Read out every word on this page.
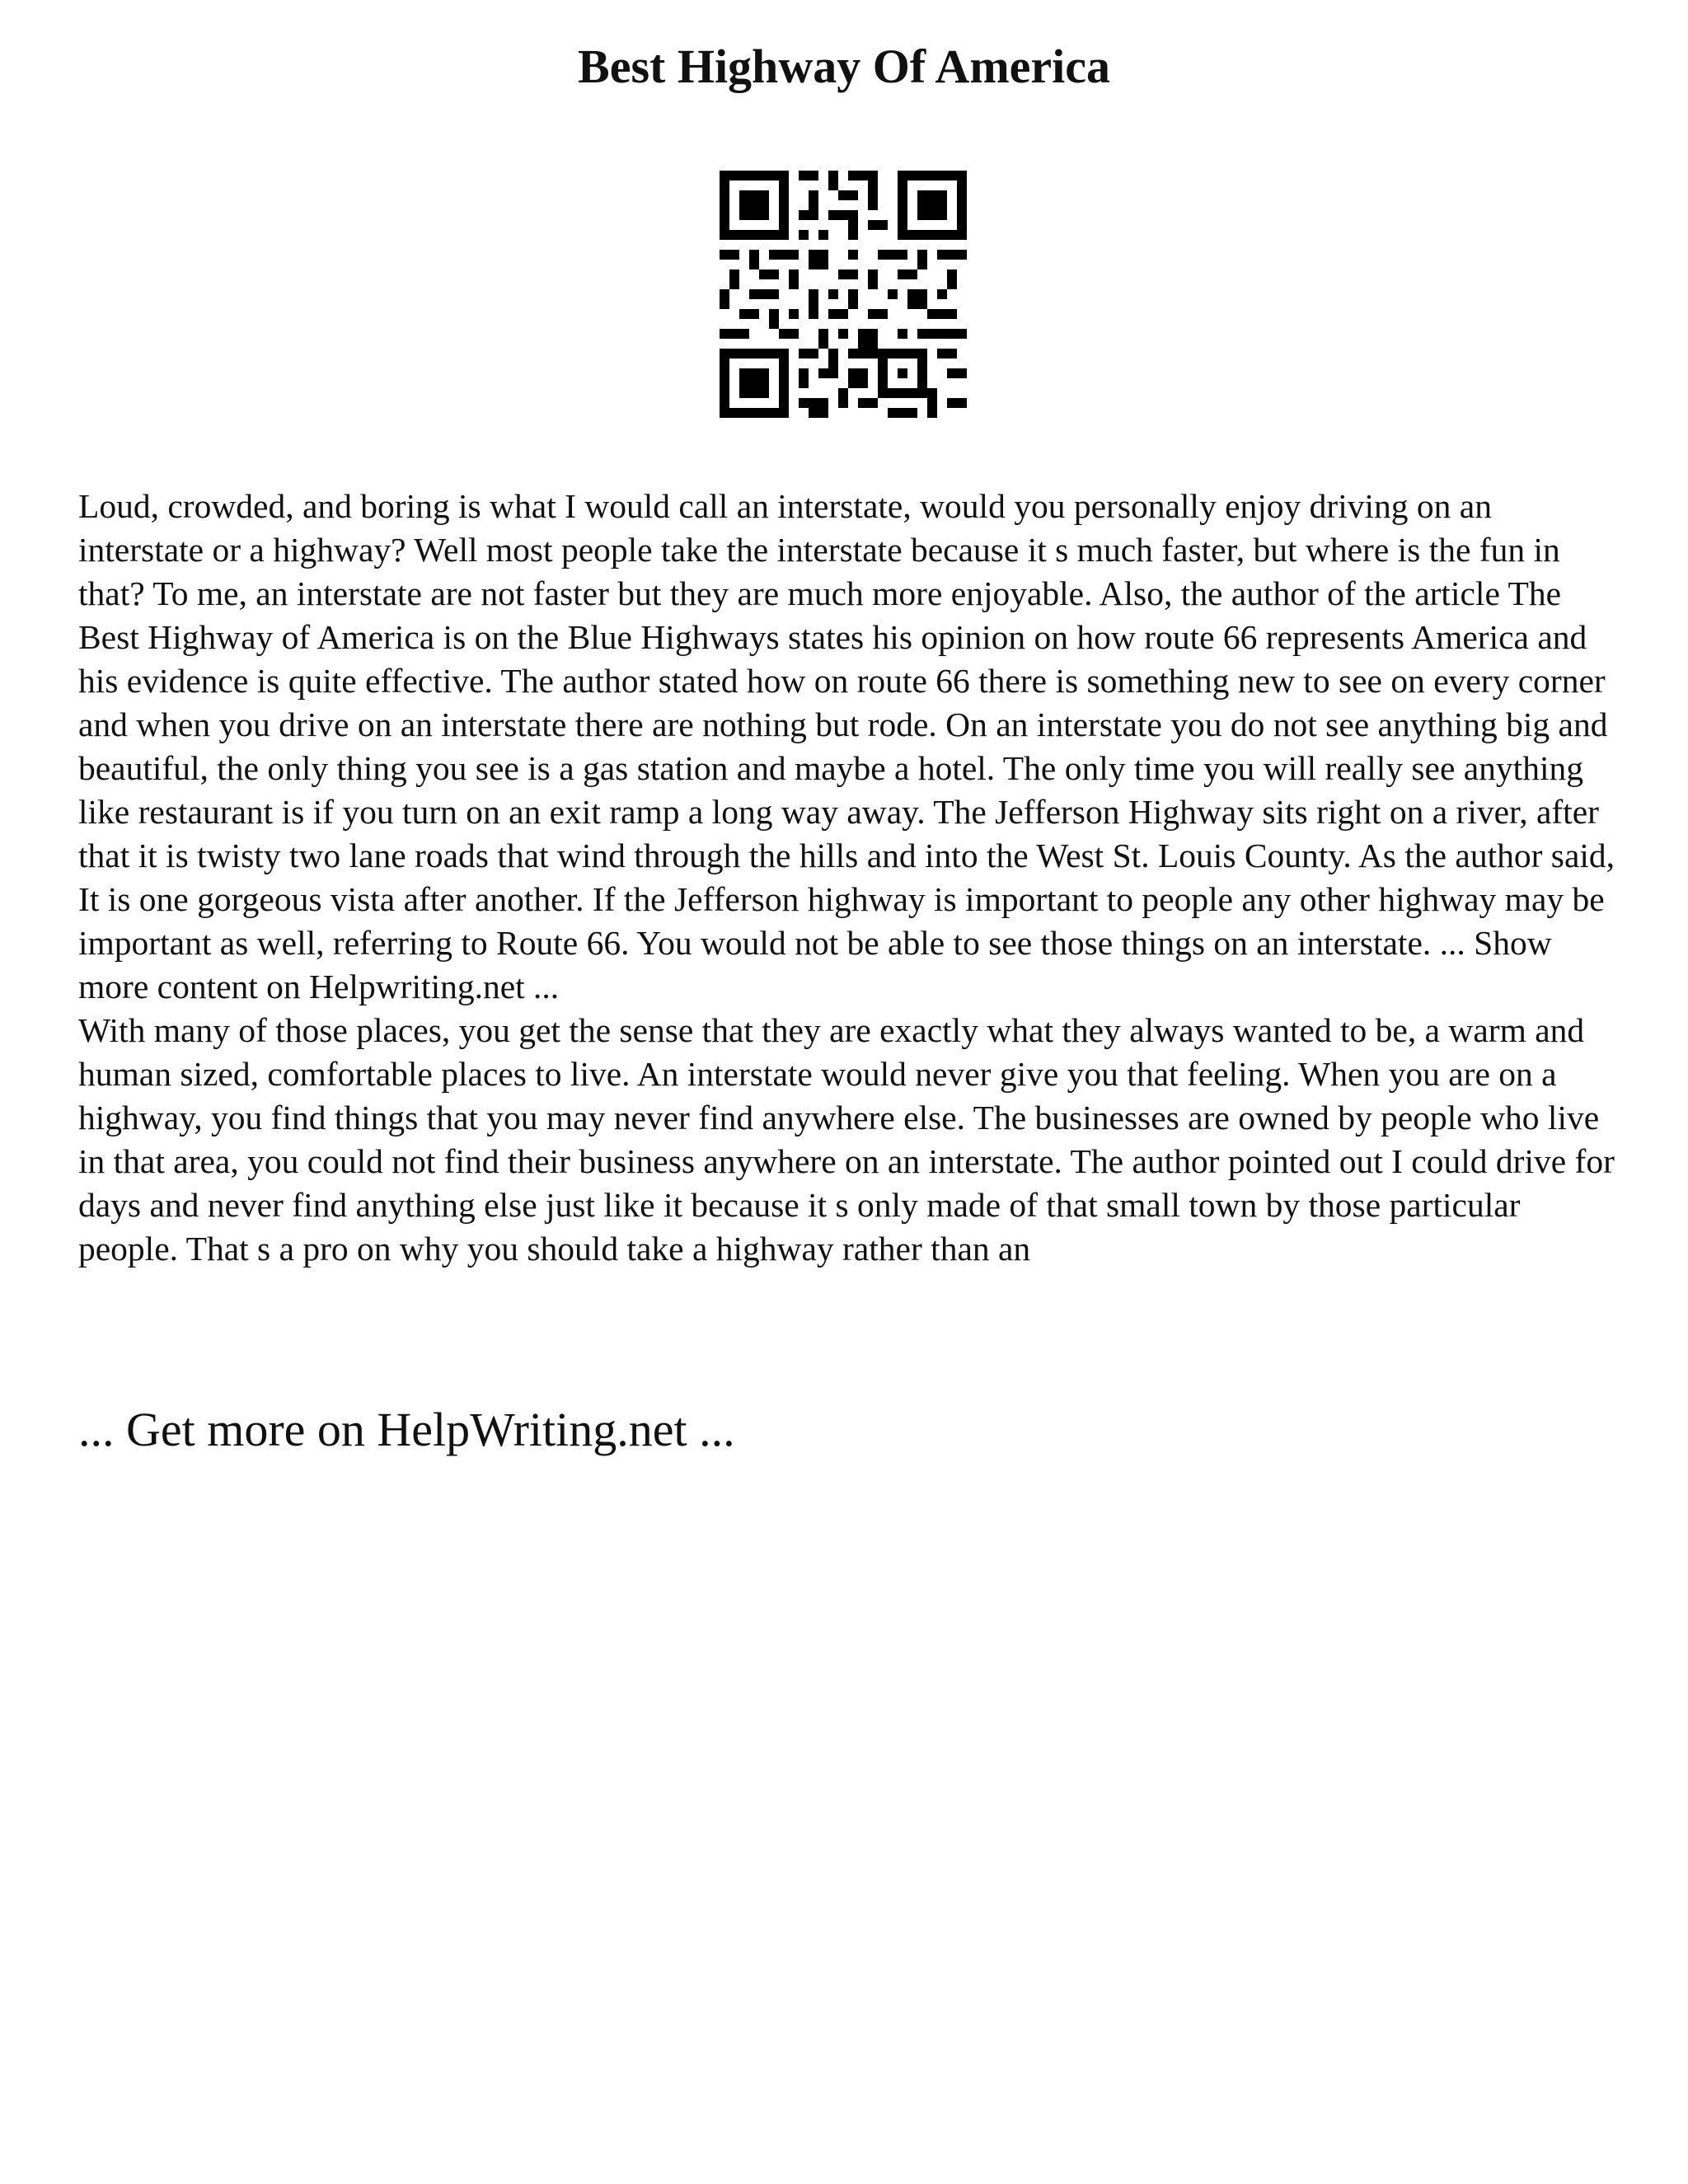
Best Highway Of America

Loud, crowded, and boring is what I would call an interstate, would you personally enjoy driving on an interstate or a highway? Well most people take the interstate because it s much faster, but where is the fun in that? To me, an interstate are not faster but they are much more enjoyable. Also, the author of the article The Best Highway of America is on the Blue Highways states his opinion on how route 66 represents America and his evidence is quite effective. The author stated how on route 66 there is something new to see on every corner and when you drive on an interstate there are nothing but rode. On an interstate you do not see anything big and beautiful, the only thing you see is a gas station and maybe a hotel. The only time you will really see anything like restaurant is if you turn on an exit ramp a long way away. The Jefferson Highway sits right on a river, after that it is twisty two lane roads that wind through the hills and into the West St. Louis County. As the author said, It is one gorgeous vista after another. If the Jefferson highway is important to people any other highway may be important as well, referring to Route 66. You would not be able to see those things on an interstate. ... Show more content on Helpwriting.net ...

With many of those places, you get the sense that they are exactly what they always wanted to be, a warm and human sized, comfortable places to live. An interstate would never give you that feeling. When you are on a highway, you find things that you may never find anywhere else. The businesses are owned by people who live in that area, you could not find their business anywhere on an interstate. The author pointed out I could drive for days and never find anything else just like it because it s only made of that small town by those particular people. That s a pro on why you should take a highway rather than an

... Get more on HelpWriting.net ...
